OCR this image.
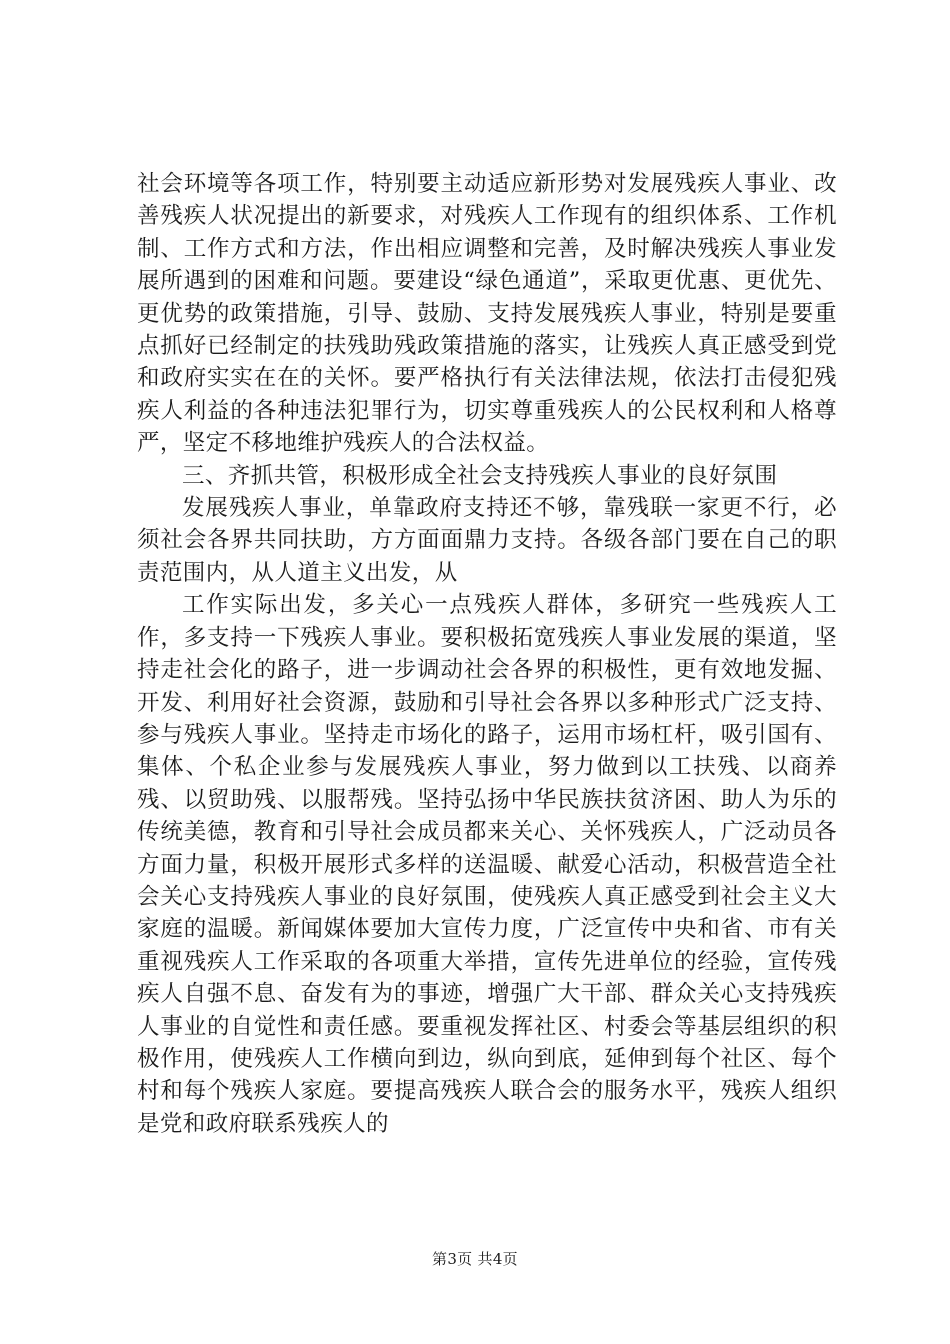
社会环境等各项工作，特别要主动适应新形势对发展残疾人事业、改善残疾人状况提出的新要求，对残疾人工作现有的组织体系、工作机制、工作方式和方法，作出相应调整和完善，及时解决残疾人事业发展所遇到的困难和问题。要建设“绿色通道”，采取更优惠、更优先、更优势的政策措施，引导、鼓励、支持发展残疾人事业，特别是要重点抓好已经制定的扶残助残政策措施的落实，让残疾人真正感受到党和政府实实在在的关怀。要严格执行有关法律法规，依法打击侵犯残疾人利益的各种违法犯罪行为，切实尊重残疾人的公民权利和人格尊严，坚定不移地维护残疾人的合法权益。

三、齐抓共管，积极形成全社会支持残疾人事业的良好氛围

发展残疾人事业，单靠政府支持还不够，靠残联一家更不行，必须社会各界共同扶助，方方面面鼎力支持。各级各部门要在自己的职责范围内，从人道主义出发，从

工作实际出发，多关心一点残疾人群体，多研究一些残疾人工作，多支持一下残疾人事业。要积极拓宽残疾人事业发展的渠道，坚持走社会化的路子，进一步调动社会各界的积极性，更有效地发掘、开发、利用好社会资源，鼓励和引导社会各界以多种形式广泛支持、参与残疾人事业。坚持走市场化的路子，运用市场杠杆，吸引国有、集体、个私企业参与发展残疾人事业，努力做到以工扶残、以商养残、以贸助残、以服帮残。坚持弘扬中华民族扶贫济困、助人为乐的传统美德，教育和引导社会成员都来关心、关怀残疾人，广泛动员各方面力量，积极开展形式多样的送温暖、献爱心活动，积极营造全社会关心支持残疾人事业的良好氛围，使残疾人真正感受到社会主义大家庭的温暖。新闻媒体要加大宣传力度，广泛宣传中央和省、市有关重视残疾人工作采取的各项重大举措，宣传先进单位的经验，宣传残疾人自强不息、奋发有为的事迹，增强广大干部、群众关心支持残疾人事业的自觉性和责任感。要重视发挥社区、村委会等基层组织的积极作用，使残疾人工作横向到边，纵向到底，延伸到每个社区、每个村和每个残疾人家庭。要提高残疾人联合会的服务水平，残疾人组织是党和政府联系残疾人的

第3页 共4页
